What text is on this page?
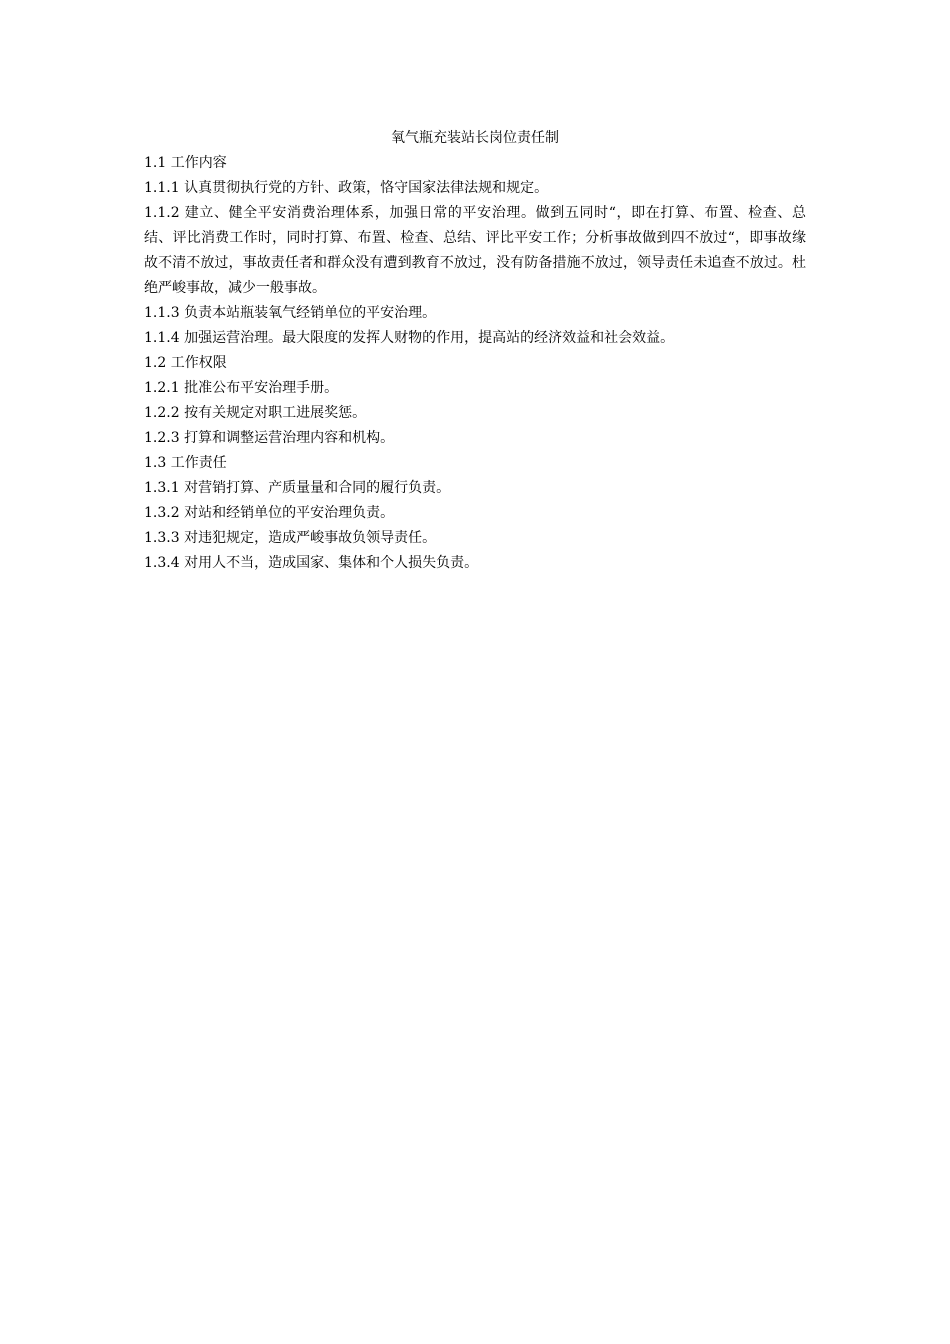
氧气瓶充装站长岗位责任制

1.1 工作内容

1.1.1 认真贯彻执行党的方针、政策，恪守国家法律法规和规定。

1.1.2 建立、健全平安消费治理体系，加强日常的平安治理。做到五同时“，即在打算、布置、检查、总结、评比消费工作时，同时打算、布置、检查、总结、评比平安工作；分析事故做到四不放过“，即事故缘故不清不放过，事故责任者和群众没有遭到教育不放过，没有防备措施不放过，领导责任未追查不放过。杜绝严峻事故，减少一般事故。

1.1.3 负责本站瓶装氧气经销单位的平安治理。

1.1.4 加强运营治理。最大限度的发挥人财物的作用，提高站的经济效益和社会效益。

1.2 工作权限

1.2.1 批准公布平安治理手册。

1.2.2 按有关规定对职工进展奖惩。

1.2.3 打算和调整运营治理内容和机构。

1.3 工作责任

1.3.1 对营销打算、产质量量和合同的履行负责。

1.3.2 对站和经销单位的平安治理负责。

1.3.3 对违犯规定，造成严峻事故负领导责任。

1.3.4 对用人不当，造成国家、集体和个人损失负责。
